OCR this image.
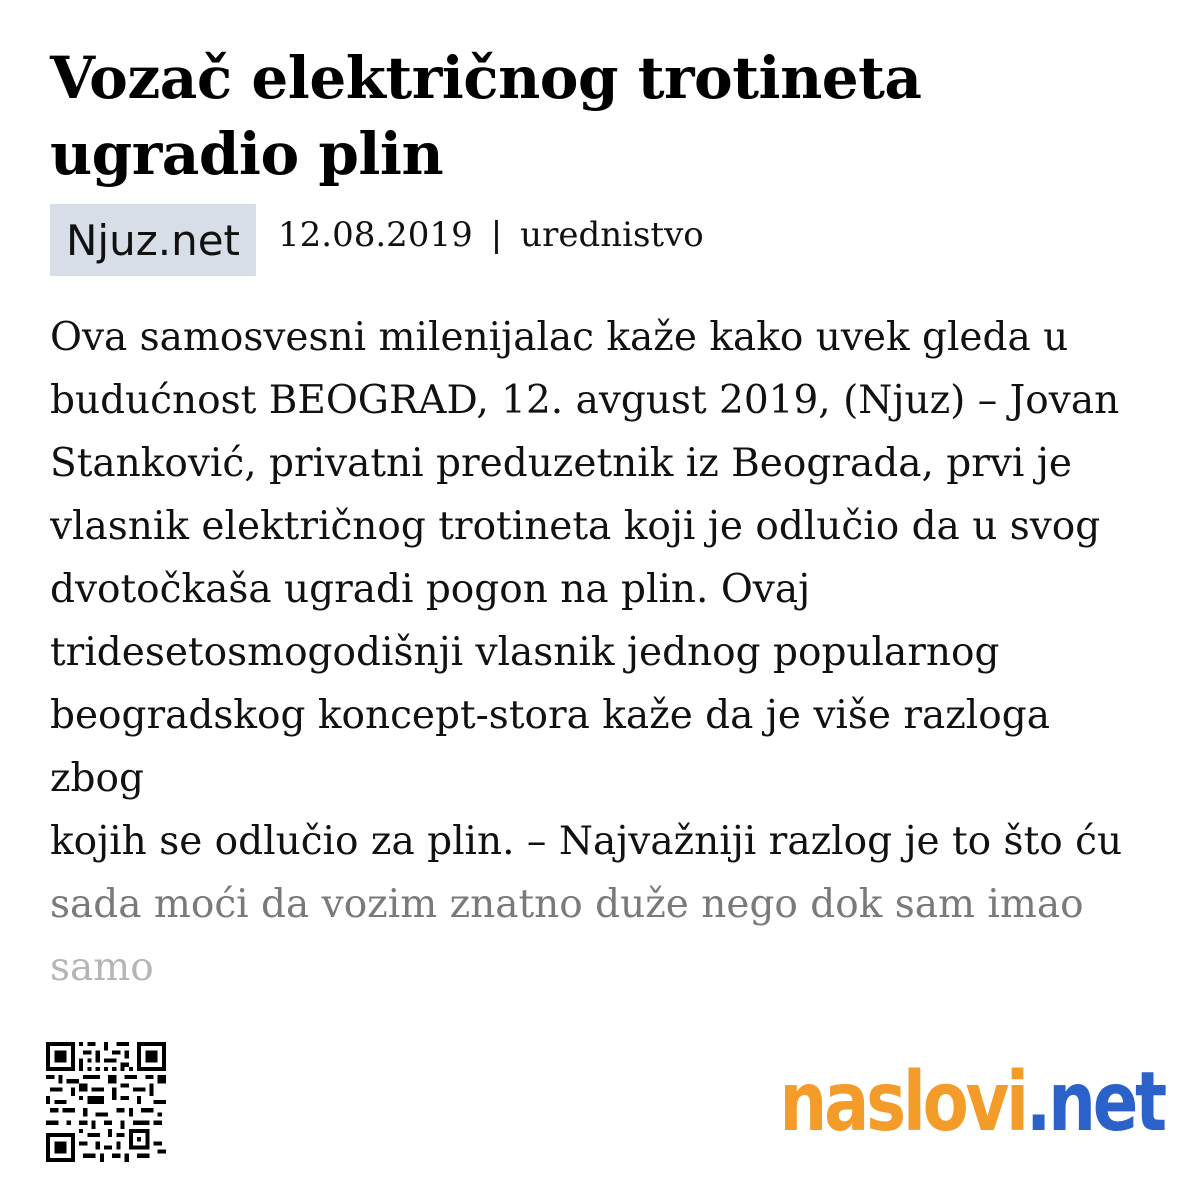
Vozač električnog trotineta
ugradio plin
Njuz.net	12.08.2019 | urednistvo
Ova samosvesni milenijalac kaže kako uvek gleda u
budućnost BEOGRAD, 12. avgust 2019, (Njuz) – Jovan
Stanković, privatni preduzetnik iz Beograda, prvi je
vlasnik električnog trotineta koji je odlučio da u svog
dvotočkaša ugradi pogon na plin. Ovaj
tridesetosmogodišnji vlasnik jednog popularnog
beogradskog koncept-stora kaže da je više razloga zbog
kojih se odlučio za plin. – Najvažniji razlog je to što ću
sada moći da vozim znatno duže nego dok sam imao
samo
naslovi . net
